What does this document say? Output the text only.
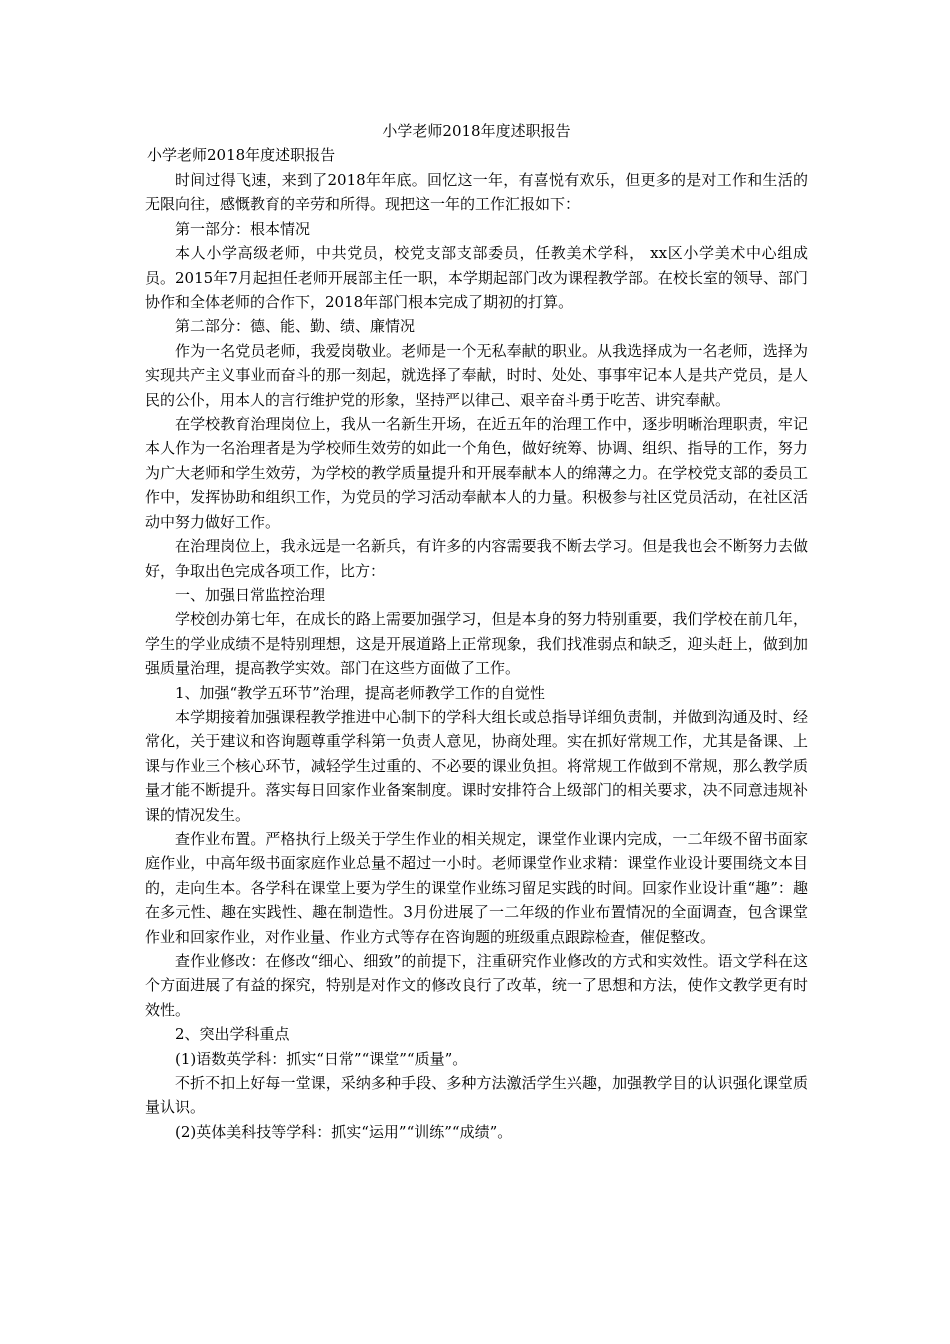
小学老师2018年度述职报告
小学老师2018年度述职报告

时间过得飞速，来到了2018年年底。回忆这一年，有喜悦有欢乐，但更多的是对工作和生活的无限向往，感慨教育的辛劳和所得。现把这一年的工作汇报如下：

第一部分：根本情况

本人小学高级老师，中共党员，校党支部支部委员，任教美术学科， xx区小学美术中心组成员。2015年7月起担任老师开展部主任一职，本学期起部门改为课程教学部。在校长室的领导、部门协作和全体老师的合作下，2018年部门根本完成了期初的打算。

第二部分：德、能、勤、绩、廉情况

作为一名党员老师，我爱岗敬业。老师是一个无私奉献的职业。从我选择成为一名老师，选择为实现共产主义事业而奋斗的那一刻起，就选择了奉献，时时、处处、事事牢记本人是共产党员，是人民的公仆，用本人的言行维护党的形象，坚持严以律己、艰辛奋斗勇于吃苦、讲究奉献。

在学校教育治理岗位上，我从一名新生开场，在近五年的治理工作中，逐步明晰治理职责，牢记本人作为一名治理者是为学校师生效劳的如此一个角色，做好统筹、协调、组织、指导的工作，努力为广大老师和学生效劳，为学校的教学质量提升和开展奉献本人的绵薄之力。在学校党支部的委员工作中，发挥协助和组织工作，为党员的学习活动奉献本人的力量。积极参与社区党员活动，在社区活动中努力做好工作。

在治理岗位上，我永远是一名新兵，有许多的内容需要我不断去学习。但是我也会不断努力去做好，争取出色完成各项工作，比方：

一、加强日常监控治理

学校创办第七年，在成长的路上需要加强学习，但是本身的努力特别重要，我们学校在前几年，学生的学业成绩不是特别理想，这是开展道路上正常现象，我们找准弱点和缺乏，迎头赶上，做到加强质量治理，提高教学实效。部门在这些方面做了工作。

1、加强“教学五环节”治理，提高老师教学工作的自觉性

本学期接着加强课程教学推进中心制下的学科大组长或总指导详细负责制，并做到沟通及时、经常化，关于建议和咨询题尊重学科第一负责人意见，协商处理。实在抓好常规工作，尤其是备课、上课与作业三个核心环节，减轻学生过重的、不必要的课业负担。将常规工作做到不常规，那么教学质量才能不断提升。落实每日回家作业备案制度。课时安排符合上级部门的相关要求，决不同意违规补课的情况发生。

查作业布置。严格执行上级关于学生作业的相关规定，课堂作业课内完成，一二年级不留书面家庭作业，中高年级书面家庭作业总量不超过一小时。老师课堂作业求精：课堂作业设计要围绕文本目的，走向生本。各学科在课堂上要为学生的课堂作业练习留足实践的时间。回家作业设计重“趣”：趣在多元性、趣在实践性、趣在制造性。3月份进展了一二年级的作业布置情况的全面调查，包含课堂作业和回家作业，对作业量、作业方式等存在咨询题的班级重点跟踪检查，催促整改。

查作业修改：在修改“细心、细致”的前提下，注重研究作业修改的方式和实效性。语文学科在这个方面进展了有益的探究，特别是对作文的修改良行了改革，统一了思想和方法，使作文教学更有时效性。

2、突出学科重点

(1)语数英学科：抓实“日常”“课堂”“质量”。

不折不扣上好每一堂课，采纳多种手段、多种方法激活学生兴趣，加强教学目的认识强化课堂质量认识。

(2)英体美科技等学科：抓实“运用”“训练”“成绩”。
